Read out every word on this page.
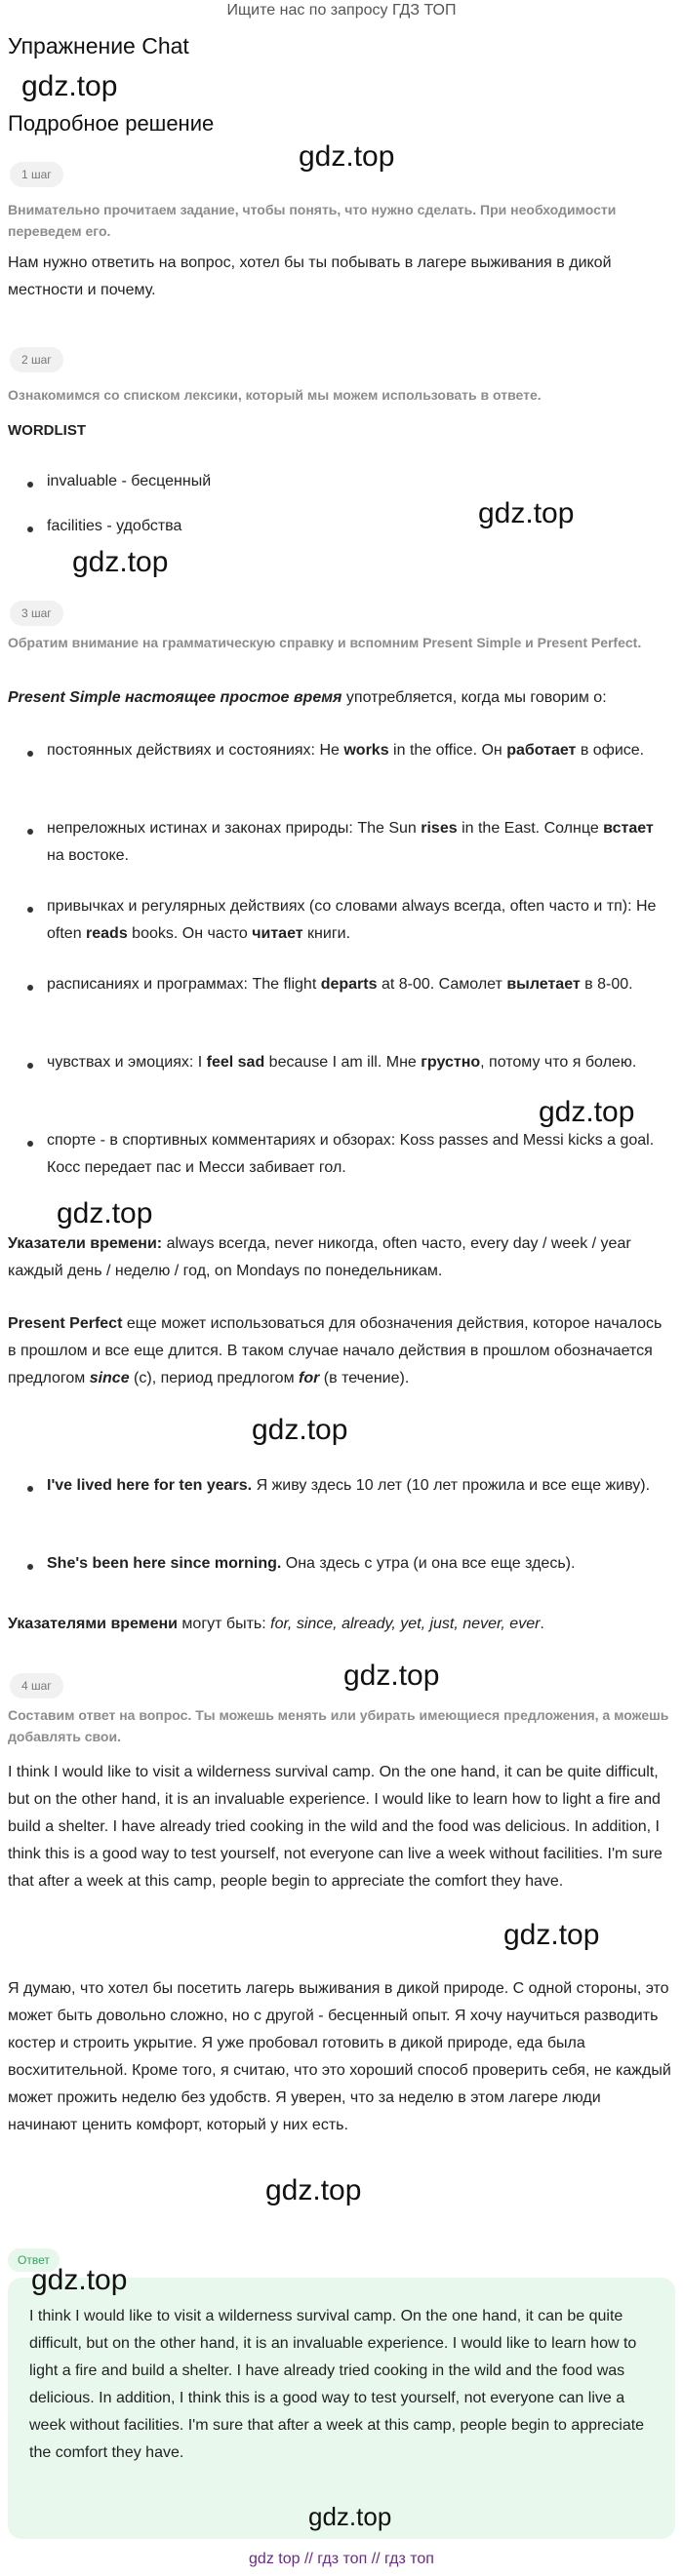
Ищите нас по запросу ГДЗ ТОП
Упражнение Chat
gdz.top
Подробное решение
gdz.top
1 шаг
Внимательно прочитаем задание, чтобы понять, что нужно сделать. При необходимости переведем его.
Нам нужно ответить на вопрос, хотел бы ты побывать в лагере выживания в дикой местности и почему.
2 шаг
Ознакомимся со списком лексики, который мы можем использовать в ответе.
WORDLIST
invaluable - бесценный
gdz.top
facilities - удобства
gdz.top
3 шаг
Обратим внимание на грамматическую справку и вспомним Present Simple и Present Perfect.
Present Simple настоящее простое время употребляется, когда мы говорим о:
постоянных действиях и состояниях: He works in the office. Он работает в офисе.
непреложных истинах и законах природы: The Sun rises in the East. Солнце встает на востоке.
привычках и регулярных действиях (со словами always всегда, often часто и тп): He often reads books. Он часто читает книги.
расписаниях и программах: The flight departs at 8-00. Самолет вылетает в 8-00.
чувствах и эмоциях: I feel sad because I am ill. Мне грустно, потому что я болею.
gdz.top
спорте - в спортивных комментариях и обзорах: Koss passes and Messi kicks a goal. Косс передает пас и Месси забивает гол.
gdz.top
Указатели времени: always всегда, never никогда, often часто, every day / week / year каждый день / неделю / год, on Mondays по понедельникам.
Present Perfect еще может использоваться для обозначения действия, которое началось в прошлом и все еще длится. В таком случае начало действия в прошлом обозначается предлогом since (с), период предлогом for (в течение).
gdz.top
I've lived here for ten years. Я живу здесь 10 лет (10 лет прожила и все еще живу).
She's been here since morning. Она здесь с утра (и она все еще здесь).
Указателями времени могут быть: for, since, already, yet, just, never, ever.
gdz.top
4 шаг
Составим ответ на вопрос. Ты можешь менять или убирать имеющиеся предложения, а можешь добавлять свои.
I think I would like to visit a wilderness survival camp. On the one hand, it can be quite difficult, but on the other hand, it is an invaluable experience. I would like to learn how to light a fire and build a shelter. I have already tried cooking in the wild and the food was delicious. In addition, I think this is a good way to test yourself, not everyone can live a week without facilities. I'm sure that after a week at this camp, people begin to appreciate the comfort they have.
gdz.top
Я думаю, что хотел бы посетить лагерь выживания в дикой природе. С одной стороны, это может быть довольно сложно, но с другой - бесценный опыт. Я хочу научиться разводить костер и строить укрытие. Я уже пробовал готовить в дикой природе, еда была восхитительной. Кроме того, я считаю, что это хороший способ проверить себя, не каждый может прожить неделю без удобств. Я уверен, что за неделю в этом лагере люди начинают ценить комфорт, который у них есть.
gdz.top
Ответ
gdz.top
I think I would like to visit a wilderness survival camp. On the one hand, it can be quite difficult, but on the other hand, it is an invaluable experience. I would like to learn how to light a fire and build a shelter. I have already tried cooking in the wild and the food was delicious. In addition, I think this is a good way to test yourself, not everyone can live a week without facilities. I'm sure that after a week at this camp, people begin to appreciate the comfort they have.
gdz.top
gdz top // гдз топ // гдз топ
